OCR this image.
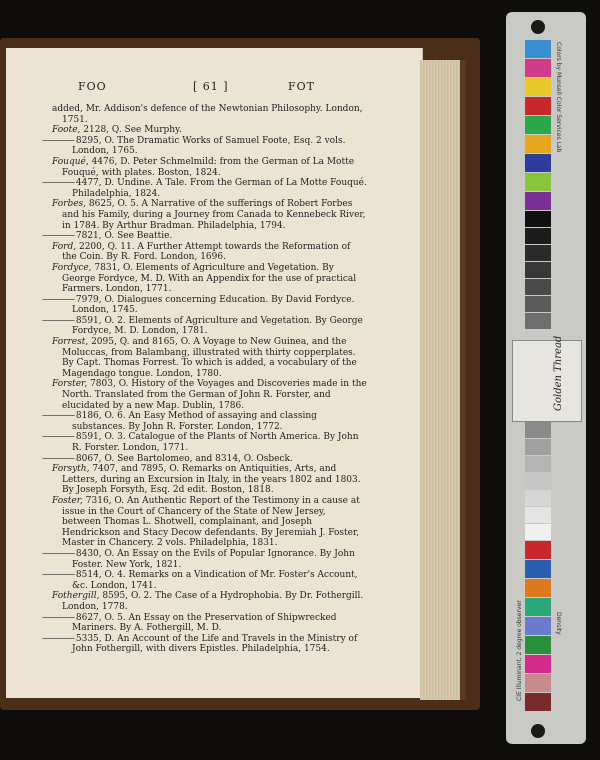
FOO	[ 61 ]	FOT

added, Mr. Addison's defence of the Newtonian Philosophy. London, 1751.

Foote, 2128, Q. See Murphy.

———— 8295, O. The Dramatic Works of Samuel Foote, Esq. 2 vols. London, 1765.

Fouqué, 4476, D. Peter Schmelmild: from the German of La Motte Fouqué, with plates. Boston, 1824.

———— 4477, D. Undine. A Tale. From the German of La Motte Fouqué. Philadelphia, 1824.

Forbes, 8625, O. 5. A Narrative of the sufferings of Robert Forbes and his Family, during a Journey from Canada to Kennebeck River, in 1784. By Arthur Bradman. Philadelphia, 1794.

———— 7821, O. See Beattie.

Ford, 2200, Q. 11. A Further Attempt towards the Reformation of the Coin. By R. Ford. London, 1696.

Fordyce, 7831, O. Elements of Agriculture and Vegetation. By George Fordyce, M. D. With an Appendix for the use of practical Farmers. London, 1771.

———— 7979, O. Dialogues concerning Education. By David Fordyce. London, 1745.

———— 8591, O. 2. Elements of Agriculture and Vegetation. By George Fordyce, M. D. London, 1781.

Forrest, 2095, Q. and 8165, O. A Voyage to New Guinea, and the Moluccas, from Balambang, illustrated with thirty copperplates. By Capt. Thomas Forrest. To which is added, a vocabulary of the Magendago tongue. London, 1780.

Forster, 7803, O. History of the Voyages and Discoveries made in the North. Translated from the German of John R. Forster, and elucidated by a new Map. Dublin, 1786.

———— 8186, O. 6. An Easy Method of assaying and classing substances. By John R. Forster. London, 1772.

———— 8591, O. 3. Catalogue of the Plants of North America. By John R. Forster. London, 1771.

———— 8067, O. See Bartolomeo, and 8314, O. Osbeck.

Forsyth, 7407, and 7895, O. Remarks on Antiquities, Arts, and Letters, during an Excursion in Italy, in the years 1802 and 1803. By Joseph Forsyth, Esq. 2d edit. Boston, 1818.

Foster, 7316, O. An Authentic Report of the Testimony in a cause at issue in the Court of Chancery of the State of New Jersey, between Thomas L. Shotwell, complainant, and Joseph Hendrickson and Stacy Decow defendants. By Jeremiah J. Foster, Master in Chancery. 2 vols. Philadelphia, 1831.

———— 8430, O. An Essay on the Evils of Popular Ignorance. By John Foster. New York, 1821.

———— 8514, O. 4. Remarks on a Vindication of Mr. Foster's Account, &c. London, 1741.

Fothergill, 8595, O. 2. The Case of a Hydrophobia. By Dr. Fothergill. London, 1778.

———— 8627, O. 5. An Essay on the Preservation of Shipwrecked Mariners. By A. Fothergill, M. D.

———— 5335, D. An Account of the Life and Travels in the Ministry of John Fothergill, with divers Epistles. Philadelphia, 1754.

Colors by Munsell Color Services Lab
CIE Illuminant, 2 degree observer	Density
Golden Thread
